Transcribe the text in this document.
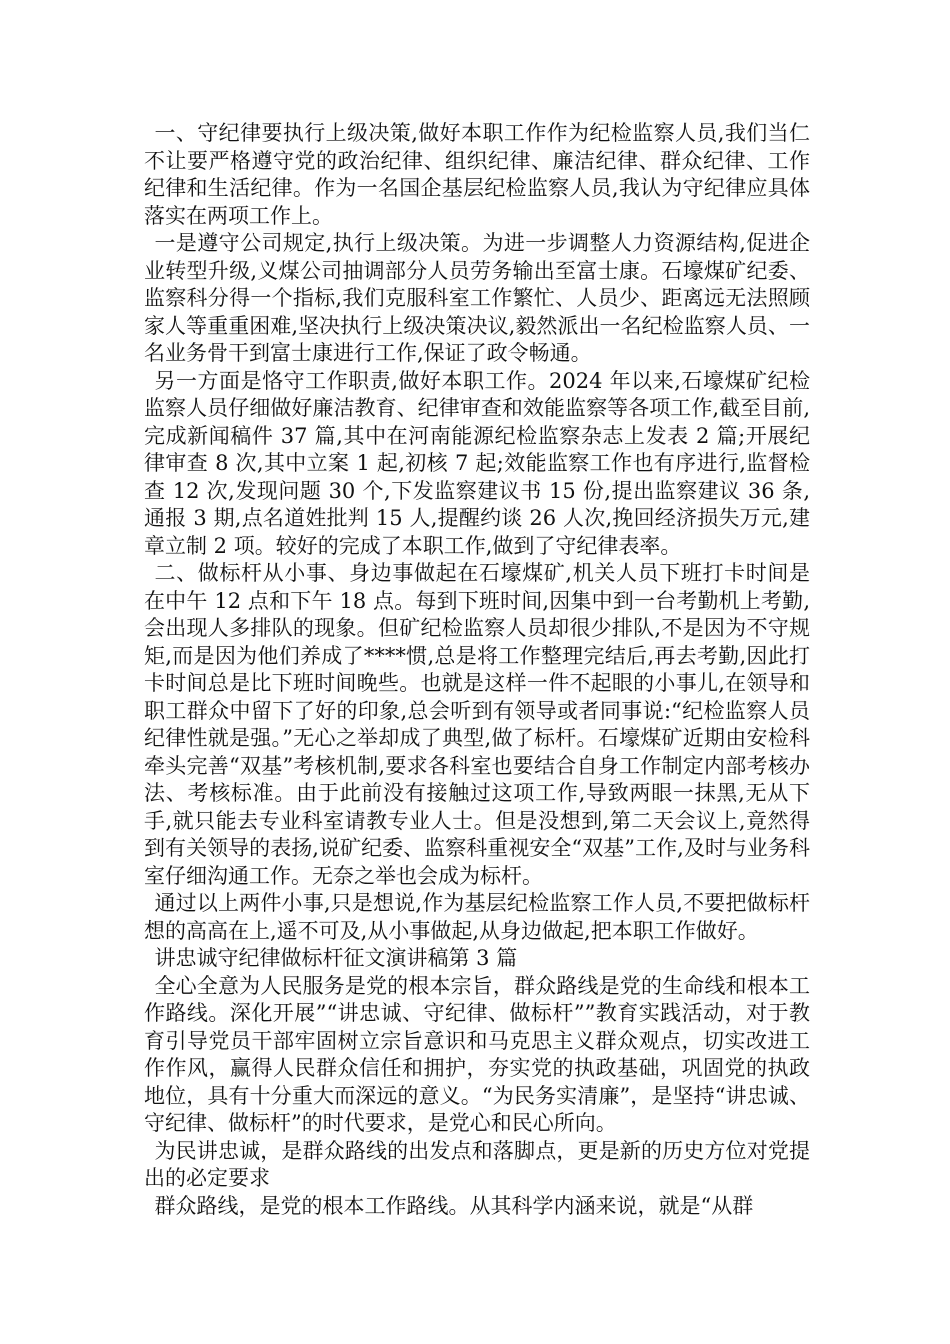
一、守纪律要执行上级决策,做好本职工作作为纪检监察人员,我们当仁不让要严格遵守党的政治纪律、组织纪律、廉洁纪律、群众纪律、工作纪律和生活纪律。作为一名国企基层纪检监察人员,我认为守纪律应具体落实在两项工作上。

一是遵守公司规定,执行上级决策。为进一步调整人力资源结构,促进企业转型升级,义煤公司抽调部分人员劳务输出至富士康。石壕煤矿纪委、监察科分得一个指标,我们克服科室工作繁忙、人员少、距离远无法照顾家人等重重困难,坚决执行上级决策决议,毅然派出一名纪检监察人员、一名业务骨干到富士康进行工作,保证了政令畅通。

另一方面是恪守工作职责,做好本职工作。2024 年以来,石壕煤矿纪检监察人员仔细做好廉洁教育、纪律审查和效能监察等各项工作,截至目前,完成新闻稿件 37 篇,其中在河南能源纪检监察杂志上发表 2 篇;开展纪律审查 8 次,其中立案 1 起,初核 7 起;效能监察工作也有序进行,监督检查 12 次,发现问题 30 个,下发监察建议书 15 份,提出监察建议 36 条,通报 3 期,点名道姓批判 15 人,提醒约谈 26 人次,挽回经济损失万元,建章立制 2 项。较好的完成了本职工作,做到了守纪律表率。

二、做标杆从小事、身边事做起在石壕煤矿,机关人员下班打卡时间是在中午 12 点和下午 18 点。每到下班时间,因集中到一台考勤机上考勤,会出现人多排队的现象。但矿纪检监察人员却很少排队,不是因为不守规矩,而是因为他们养成了****惯,总是将工作整理完结后,再去考勤,因此打卡时间总是比下班时间晚些。也就是这样一件不起眼的小事儿,在领导和职工群众中留下了好的印象,总会听到有领导或者同事说:“纪检监察人员纪律性就是强。”无心之举却成了典型,做了标杆。石壕煤矿近期由安检科牵头完善“双基”考核机制,要求各科室也要结合自身工作制定内部考核办法、考核标准。由于此前没有接触过这项工作,导致两眼一抹黑,无从下手,就只能去专业科室请教专业人士。但是没想到,第二天会议上,竟然得到有关领导的表扬,说矿纪委、监察科重视安全“双基”工作,及时与业务科室仔细沟通工作。无奈之举也会成为标杆。

通过以上两件小事,只是想说,作为基层纪检监察工作人员,不要把做标杆想的高高在上,遥不可及,从小事做起,从身边做起,把本职工作做好。

讲忠诚守纪律做标杆征文演讲稿第 3 篇

全心全意为人民服务是党的根本宗旨，群众路线是党的生命线和根本工作路线。深化开展”“讲忠诚、守纪律、做标杆””教育实践活动，对于教育引导党员干部牢固树立宗旨意识和马克思主义群众观点，切实改进工作作风，赢得人民群众信任和拥护，夯实党的执政基础，巩固党的执政地位，具有十分重大而深远的意义。“为民务实清廉”，是坚持“讲忠诚、守纪律、做标杆”的时代要求，是党心和民心所向。

为民讲忠诚，是群众路线的出发点和落脚点，更是新的历史方位对党提出的必定要求

群众路线，是党的根本工作路线。从其科学内涵来说，就是“从群
